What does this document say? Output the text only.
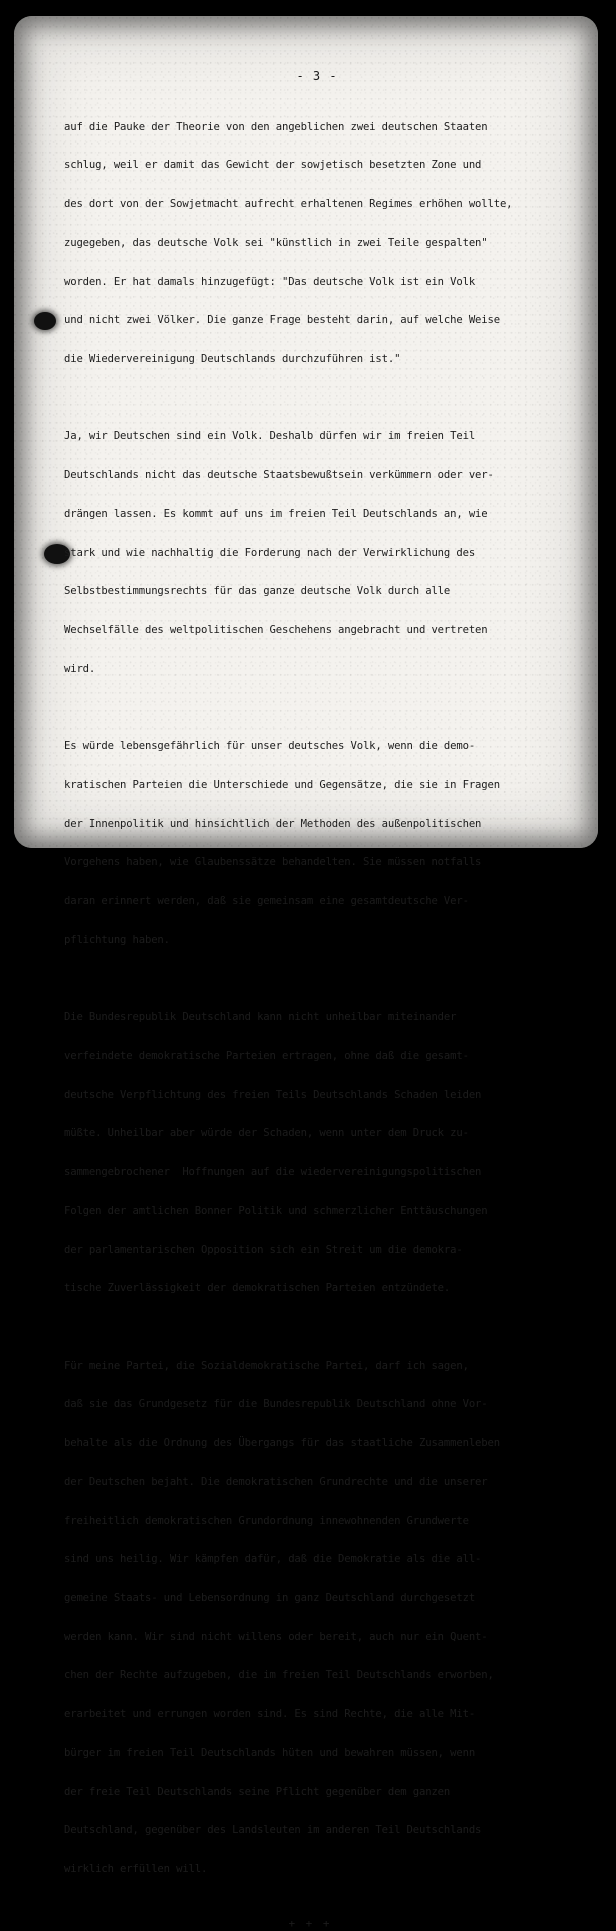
- 3 -

auf die Pauke der Theorie von den angeblichen zwei deutschen Staaten

schlug, weil er damit das Gewicht der sowjetisch besetzten Zone und

des dort von der Sowjetmacht aufrecht erhaltenen Regimes erhöhen wollte,

zugegeben, das deutsche Volk sei "künstlich in zwei Teile gespalten"

worden. Er hat damals hinzugefügt: "Das deutsche Volk ist ein Volk

und nicht zwei Völker. Die ganze Frage besteht darin, auf welche Weise

die Wiedervereinigung Deutschlands durchzuführen ist."

Ja, wir Deutschen sind ein Volk. Deshalb dürfen wir im freien Teil

Deutschlands nicht das deutsche Staatsbewußtsein verkümmern oder ver-

drängen lassen. Es kommt auf uns im freien Teil Deutschlands an, wie

stark und wie nachhaltig die Forderung nach der Verwirklichung des

Selbstbestimmungsrechts für das ganze deutsche Volk durch alle

Wechselfälle des weltpolitischen Geschehens angebracht und vertreten

wird.

Es würde lebensgefährlich für unser deutsches Volk, wenn die demo-

kratischen Parteien die Unterschiede und Gegensätze, die sie in Fragen

der Innenpolitik und hinsichtlich der Methoden des außenpolitischen

Vorgehens haben, wie Glaubenssätze behandelten. Sie müssen notfalls

daran erinnert werden, daß sie gemeinsam eine gesamtdeutsche Ver-

pflichtung haben.

Die Bundesrepublik Deutschland kann nicht unheilbar miteinander

verfeindete demokratische Parteien ertragen, ohne daß die gesamt-

deutsche Verpflichtung des freien Teils Deutschlands Schaden leiden

müßte. Unheilbar aber würde der Schaden, wenn unter dem Druck zu-

sammengebrochener  Hoffnungen auf die wiedervereinigungspolitischen

Folgen der amtlichen Bonner Politik und schmerzlicher Enttäuschungen

der parlamentarischen Opposition sich ein Streit um die demokra-

tische Zuverlässigkeit der demokratischen Parteien entzündete.

Für meine Partei, die Sozialdemokratische Partei, darf ich sagen,

daß sie das Grundgesetz für die Bundesrepublik Deutschland ohne Vor-

behalte als die Ordnung des Übergangs für das staatliche Zusammenleben

der Deutschen bejaht. Die demokratischen Grundrechte und die unserer

freiheitlich demokratischen Grundordnung innewohnenden Grundwerte

sind uns heilig. Wir kämpfen dafür, daß die Demokratie als die all-

gemeine Staats- und Lebensordnung in ganz Deutschland durchgesetzt

werden kann. Wir sind nicht willens oder bereit, auch nur ein Quent-

chen der Rechte aufzugeben, die im freien Teil Deutschlands erworben,

erarbeitet und errungen worden sind. Es sind Rechte, die alle Mit-

bürger im freien Teil Deutschlands hüten und bewahren müssen, wenn

der freie Teil Deutschlands seine Pflicht gegenüber dem ganzen

Deutschland, gegenüber des Landsleuten im anderen Teil Deutschlands

wirklich erfüllen will.

+ + +
